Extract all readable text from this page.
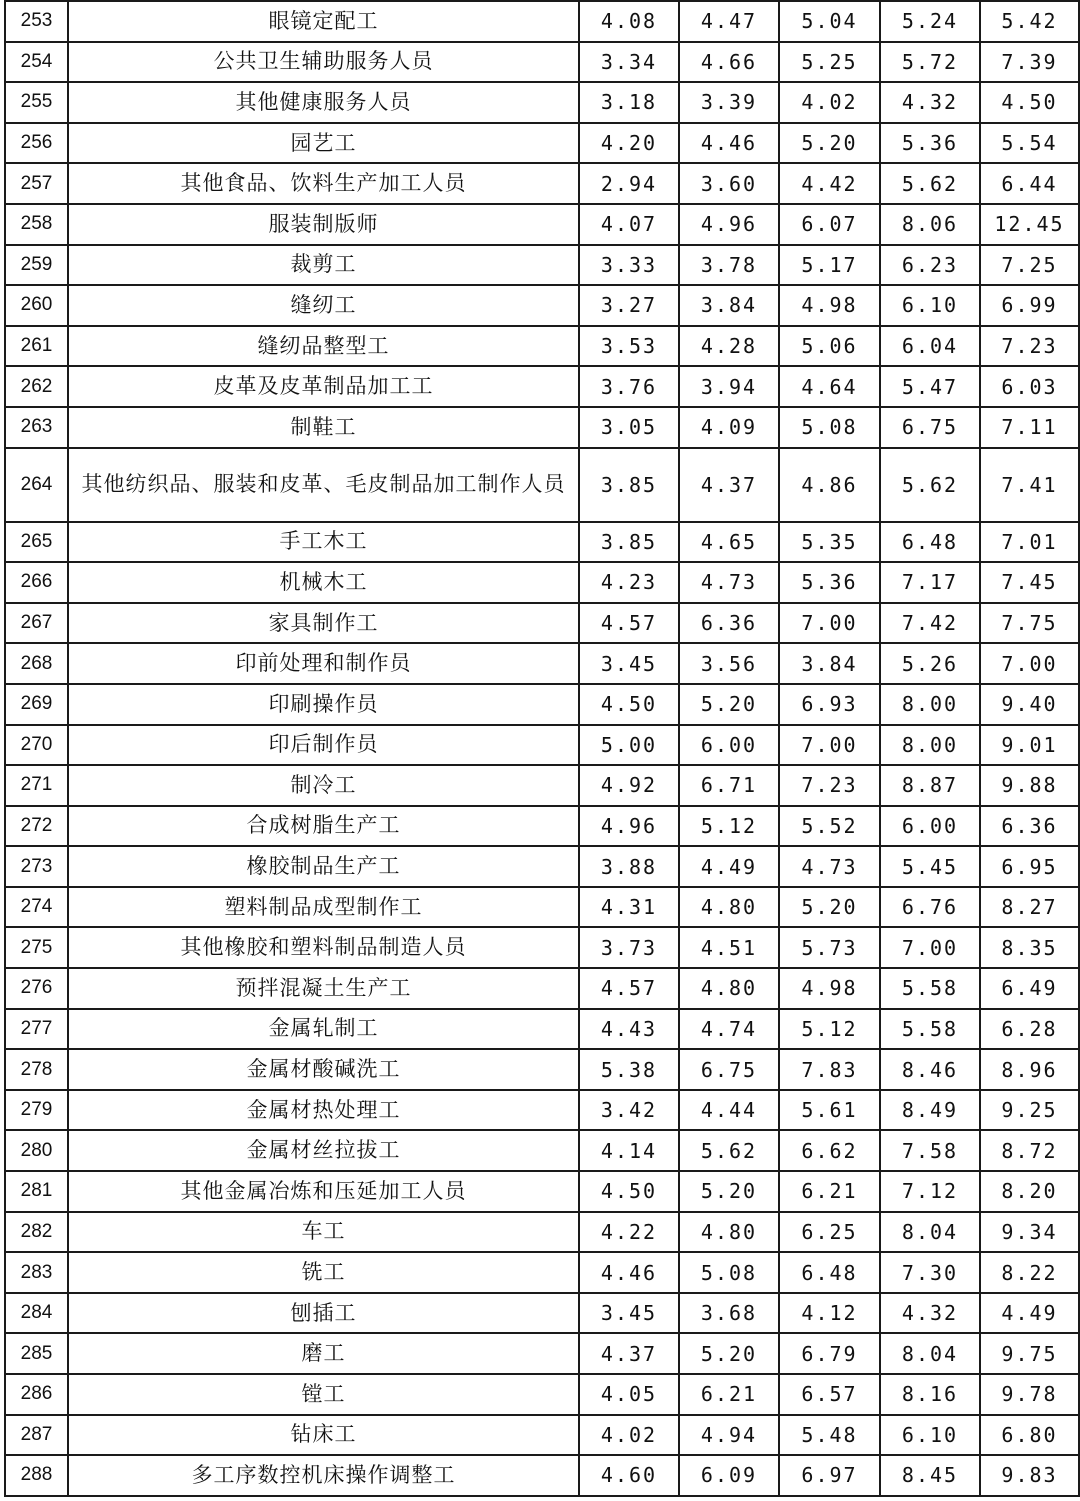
253	眼镜定配工	4.08	4.47	5.04	5.24	5.42
254	公共卫生辅助服务人员	3.34	4.66	5.25	5.72	7.39
255	其他健康服务人员	3.18	3.39	4.02	4.32	4.50
256	园艺工	4.20	4.46	5.20	5.36	5.54
257	其他食品、饮料生产加工人员	2.94	3.60	4.42	5.62	6.44
258	服装制版师	4.07	4.96	6.07	8.06	12.45
259	裁剪工	3.33	3.78	5.17	6.23	7.25
260	缝纫工	3.27	3.84	4.98	6.10	6.99
261	缝纫品整型工	3.53	4.28	5.06	6.04	7.23
262	皮革及皮革制品加工工	3.76	3.94	4.64	5.47	6.03
263	制鞋工	3.05	4.09	5.08	6.75	7.11
264	其他纺织品、服装和皮革、毛皮制品加工制作人员	3.85	4.37	4.86	5.62	7.41
265	手工木工	3.85	4.65	5.35	6.48	7.01
266	机械木工	4.23	4.73	5.36	7.17	7.45
267	家具制作工	4.57	6.36	7.00	7.42	7.75
268	印前处理和制作员	3.45	3.56	3.84	5.26	7.00
269	印刷操作员	4.50	5.20	6.93	8.00	9.40
270	印后制作员	5.00	6.00	7.00	8.00	9.01
271	制冷工	4.92	6.71	7.23	8.87	9.88
272	合成树脂生产工	4.96	5.12	5.52	6.00	6.36
273	橡胶制品生产工	3.88	4.49	4.73	5.45	6.95
274	塑料制品成型制作工	4.31	4.80	5.20	6.76	8.27
275	其他橡胶和塑料制品制造人员	3.73	4.51	5.73	7.00	8.35
276	预拌混凝土生产工	4.57	4.80	4.98	5.58	6.49
277	金属轧制工	4.43	4.74	5.12	5.58	6.28
278	金属材酸碱洗工	5.38	6.75	7.83	8.46	8.96
279	金属材热处理工	3.42	4.44	5.61	8.49	9.25
280	金属材丝拉拔工	4.14	5.62	6.62	7.58	8.72
281	其他金属冶炼和压延加工人员	4.50	5.20	6.21	7.12	8.20
282	车工	4.22	4.80	6.25	8.04	9.34
283	铣工	4.46	5.08	6.48	7.30	8.22
284	刨插工	3.45	3.68	4.12	4.32	4.49
285	磨工	4.37	5.20	6.79	8.04	9.75
286	镗工	4.05	6.21	6.57	8.16	9.78
287	钻床工	4.02	4.94	5.48	6.10	6.80
288	多工序数控机床操作调整工	4.60	6.09	6.97	8.45	9.83
